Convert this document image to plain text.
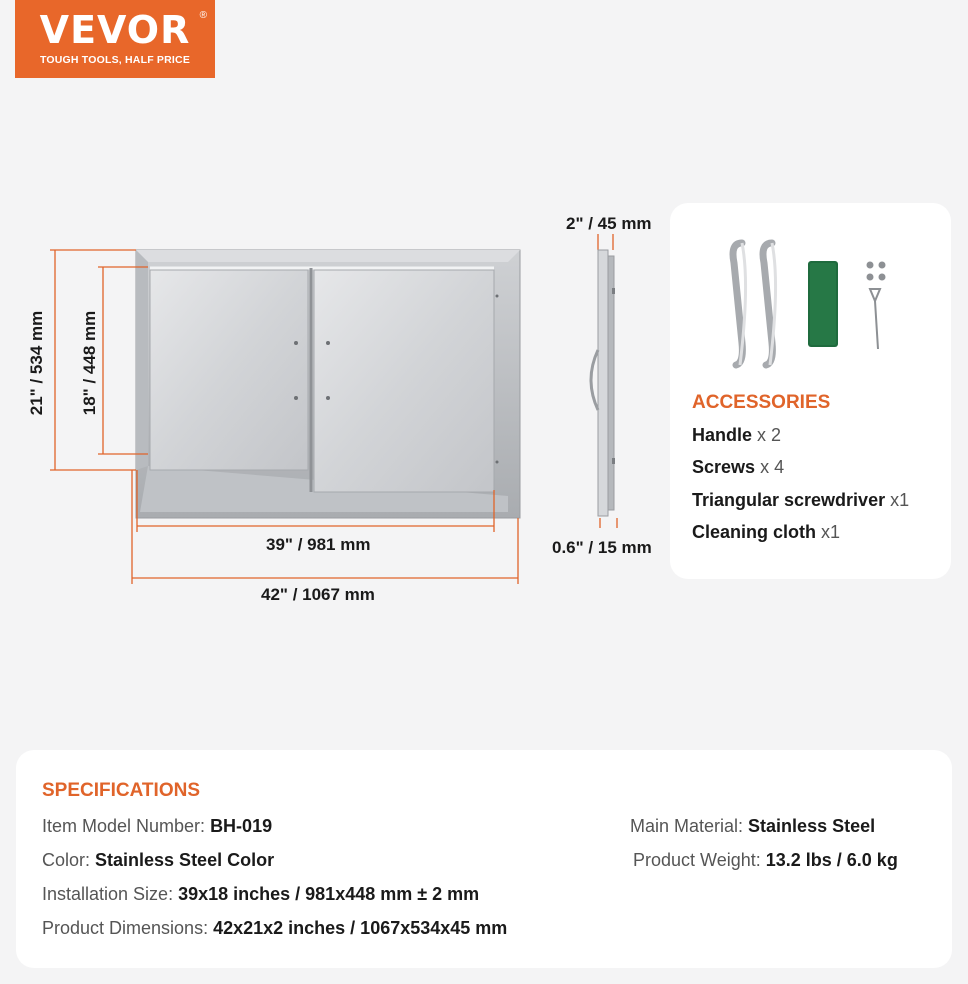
VEVOR ®
TOUGH TOOLS, HALF PRICE
21" / 534 mm 18" / 448 mm
39" / 981 mm
42" / 1067 mm
2" / 45 mm
0.6" / 15 mm
ACCESSORIES
Handle x 2
Screws x 4
Triangular screwdriver x1
Cleaning cloth x1
SPECIFICATIONS
Item Model Number: BH-019
Color: Stainless Steel Color
Installation Size: 39x18 inches / 981x448 mm ± 2 mm
Product Dimensions: 42x21x2 inches / 1067x534x45 mm
Main Material: Stainless Steel
Product Weight: 13.2 lbs / 6.0 kg
